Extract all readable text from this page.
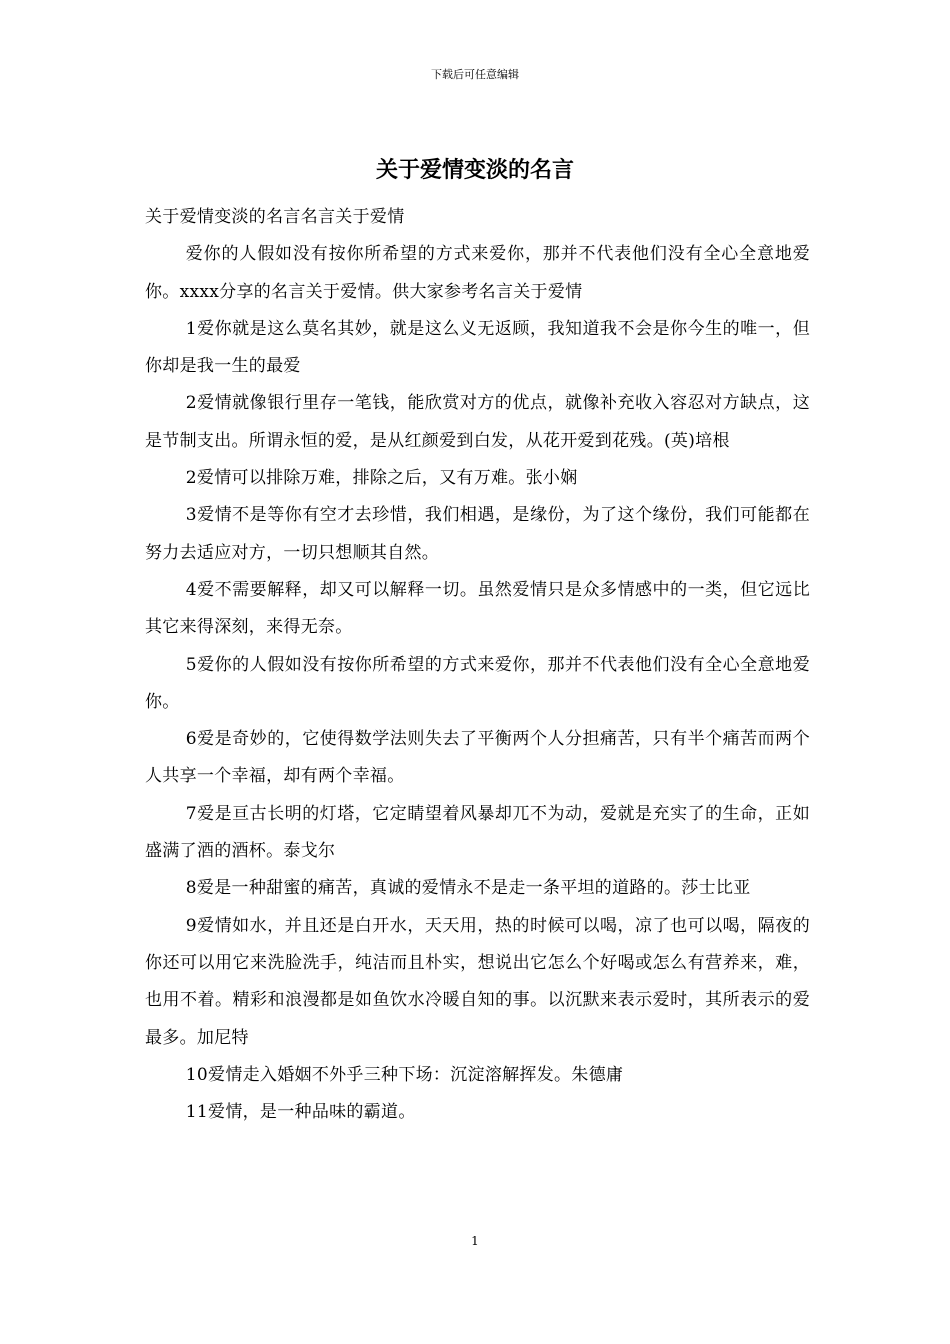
下载后可任意编辑
关于爱情变淡的名言

关于爱情变淡的名言名言关于爱情

爱你的人假如没有按你所希望的方式来爱你，那并不代表他们没有全心全意地爱你。xxxx分享的名言关于爱情。供大家参考名言关于爱情

1爱你就是这么莫名其妙，就是这么义无返顾，我知道我不会是你今生的唯一，但你却是我一生的最爱

2爱情就像银行里存一笔钱，能欣赏对方的优点，就像补充收入容忍对方缺点，这是节制支出。所谓永恒的爱，是从红颜爱到白发，从花开爱到花残。(英)培根

2爱情可以排除万难，排除之后，又有万难。张小娴

3爱情不是等你有空才去珍惜，我们相遇，是缘份，为了这个缘份，我们可能都在努力去适应对方，一切只想顺其自然。

4爱不需要解释，却又可以解释一切。虽然爱情只是众多情感中的一类，但它远比其它来得深刻，来得无奈。

5爱你的人假如没有按你所希望的方式来爱你，那并不代表他们没有全心全意地爱你。

6爱是奇妙的，它使得数学法则失去了平衡两个人分担痛苦，只有半个痛苦而两个人共享一个幸福，却有两个幸福。

7爱是亘古长明的灯塔，它定睛望着风暴却兀不为动，爱就是充实了的生命，正如盛满了酒的酒杯。泰戈尔

8爱是一种甜蜜的痛苦，真诚的爱情永不是走一条平坦的道路的。莎士比亚

9爱情如水，并且还是白开水，天天用，热的时候可以喝，凉了也可以喝，隔夜的你还可以用它来洗脸洗手，纯洁而且朴实，想说出它怎么个好喝或怎么有营养来，难，也用不着。精彩和浪漫都是如鱼饮水冷暖自知的事。以沉默来表示爱时，其所表示的爱最多。加尼特

10爱情走入婚姻不外乎三种下场：沉淀溶解挥发。朱德庸

11爱情，是一种品味的霸道。

1
